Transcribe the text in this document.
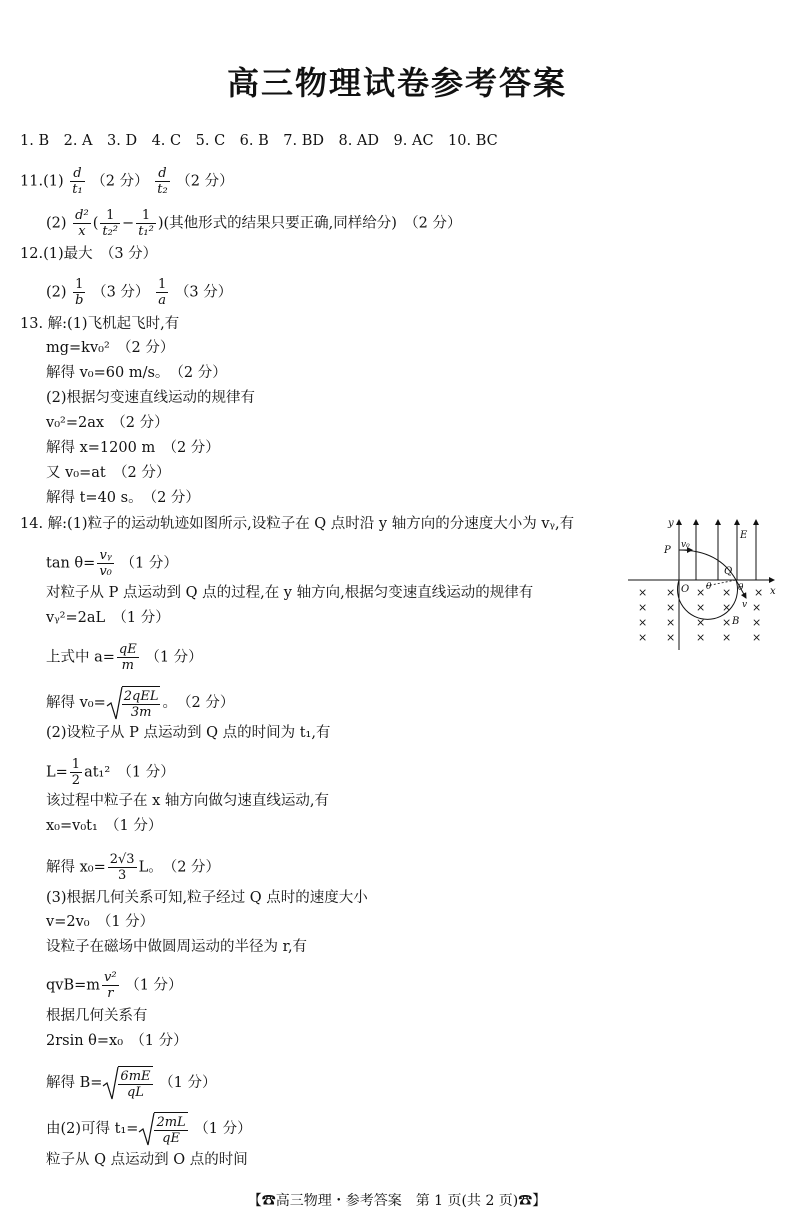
高三物理试卷参考答案
1. B　2. A　3. D　4. C　5. C　6. B　7. BD　8. AD　9. AC　10. BC
$11.(1) \frac{d}{\text{t₁}} (2$ 分） $\frac{d}{\text{t₂}} (2$ 分）
$(2) \frac{\text{d²}}{x}$ ( $\frac{1}{\text{t₂²}} - \frac{1}{\text{t₁²}}$ )(其他形式的结果只要正确,同样给分)　（2 分）
12.(1)最大　（3 分）
$(2) \frac{1}{b} (3$ 分） $\frac{1}{a} (3$ 分）
13. 解:(1)飞机起飞时,有
mg=kv₀²　（2 分）
解得 v₀=60 m/s。　（2 分）
(2)根据匀变速直线运动的规律有
v₀²=2ax　（2 分）
解得 x=1200 m　（2 分）
又 v₀=at　（2 分）
解得 t=40 s。　（2 分）
14. 解:(1)粒子的运动轨迹如图所示,设粒子在 Q 点时沿 y 轴方向的分速度大小为 vᵧ,有
$\tan \theta= \frac{\text{vᵧ}}{\text{v₀}} (1$ 分）
对粒子从 P 点运动到 Q 点的过程,在 y 轴方向,根据匀变速直线运动的规律有
vᵧ²=2aL　（1 分）
上式中 $a= \frac{qE}{m} (1$ 分）
解得 v₀= 2qEL
3m
。　（2 分）
(2)设粒子从 P 点运动到 Q 点的时间为 t₁,有
$L= \frac{1}{2} at_1^2$　（1 分）
该过程中粒子在 x 轴方向做匀速直线运动,有
x₀=v₀t₁　（1 分）
解得 $x_0= \frac{2√3}{3}$ L。　（2 分）
(3)根据几何关系可知,粒子经过 Q 点时的速度大小
v=2v₀　（1 分）
设粒子在磁场中做圆周运动的半径为 r,有
$qvB=m \frac{\text{v²}}{r} (1$ 分）
根据几何关系有
2rsin θ=x₀　（1 分）
解得 $B= \frac{6mE}{qL} (1$ 分）
由(2)可得 $t_1= \frac{2mL}{qE} (1$ 分）
粒子从 Q 点运动到 O 点的时间
y
x
P v₀
E
Q
O θ	θ
v
B
× × × × ×
× × × × ×
× × × × ×
× × × × ×
【☎高三物理・参考答案　第 1 页(共 2 页)☎】
